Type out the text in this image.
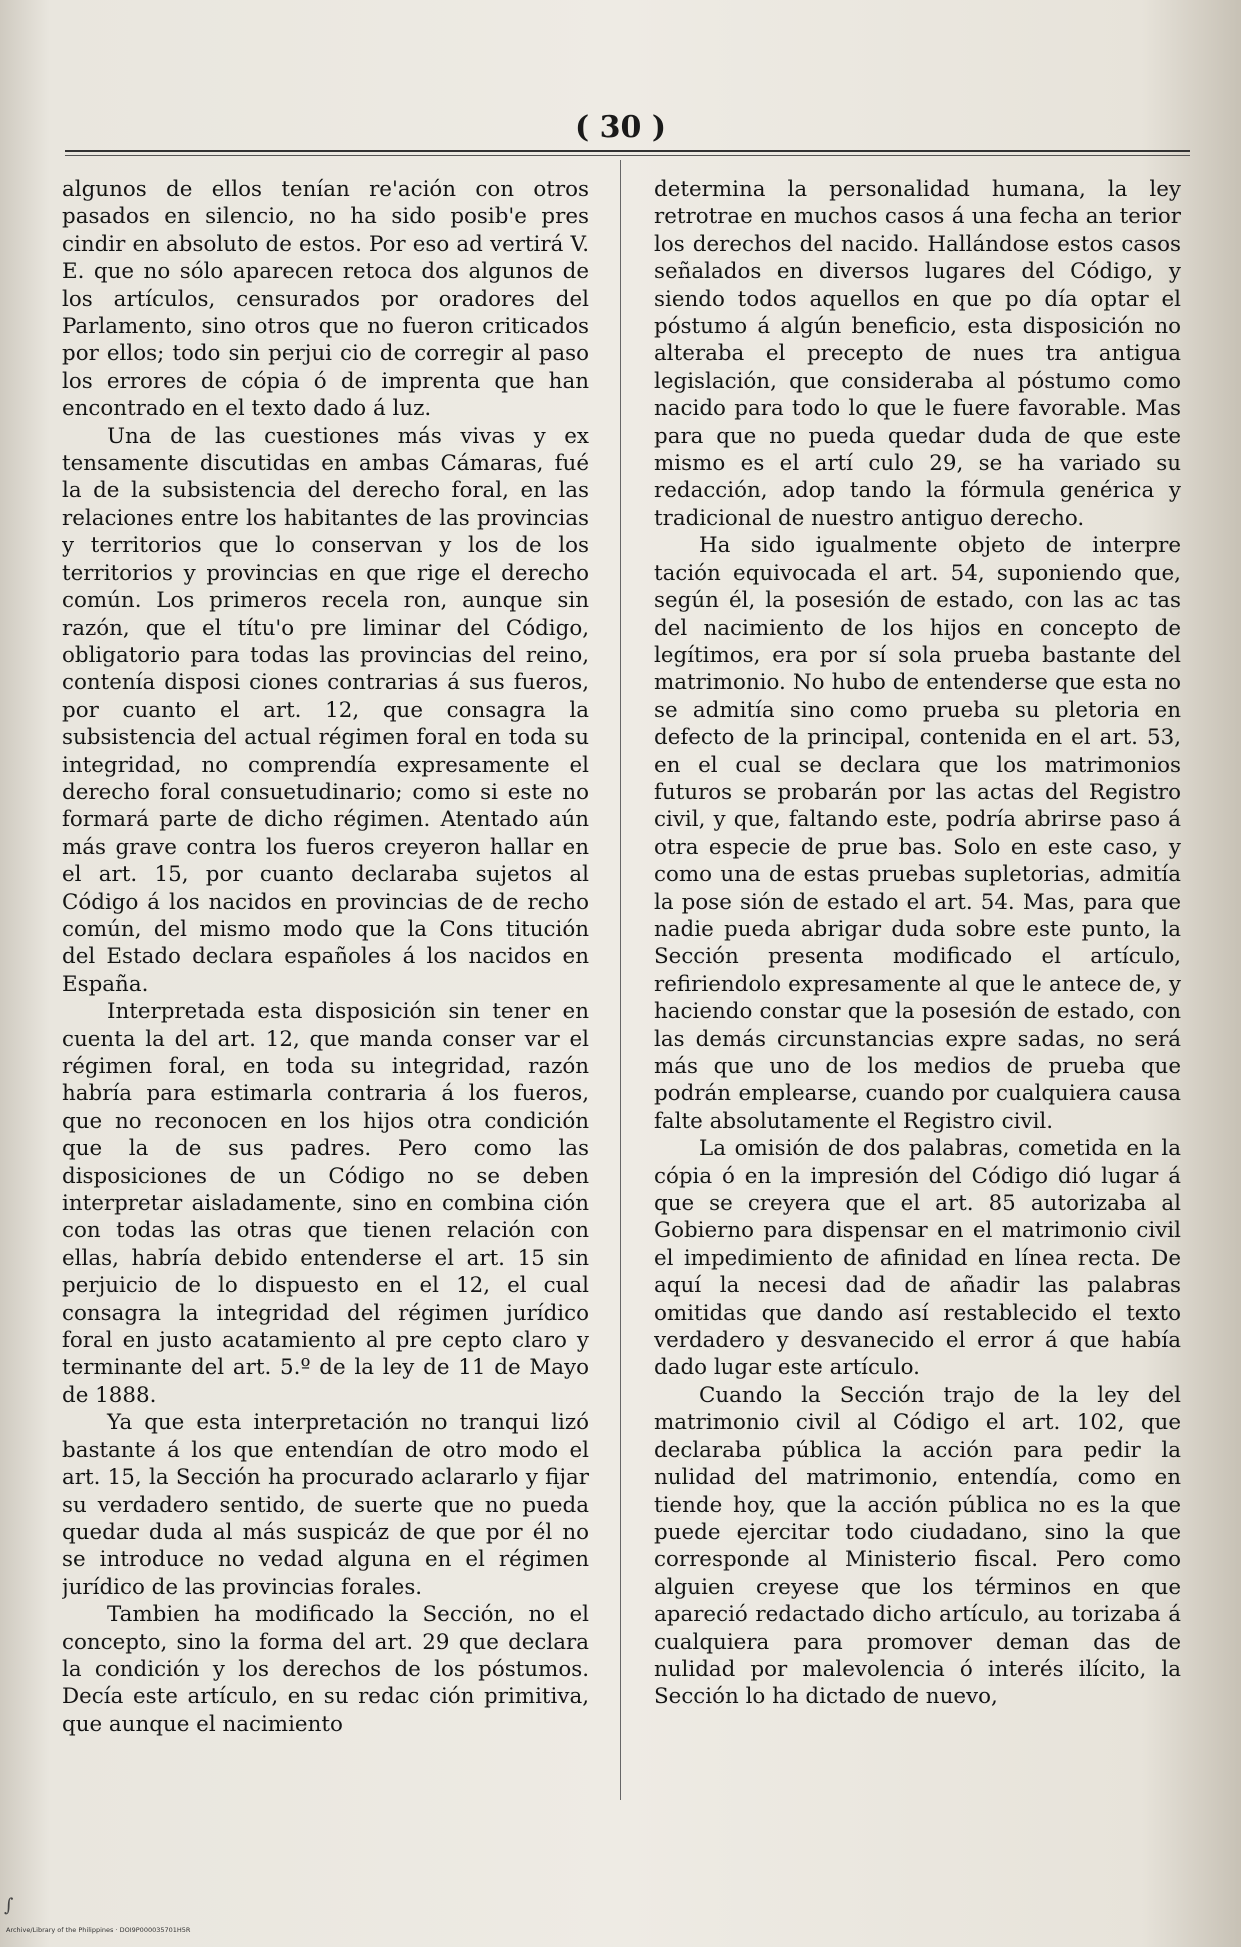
( 30 )

algunos de ellos tenían re'ación con otros pasados en silencio, no ha sido posib'e pres cindir en absoluto de estos. Por eso ad vertirá V. E. que no sólo aparecen retoca dos algunos de los artículos, censurados por oradores del Parlamento, sino otros que no fueron criticados por ellos; todo sin perjui cio de corregir al paso los errores de cópia ó de imprenta que han encontrado en el texto dado á luz.

Una de las cuestiones más vivas y ex tensamente discutidas en ambas Cámaras, fué la de la subsistencia del derecho foral, en las relaciones entre los habitantes de las provincias y territorios que lo conservan y los de los territorios y provincias en que rige el derecho común. Los primeros recela ron, aunque sin razón, que el títu'o pre liminar del Código, obligatorio para todas las provincias del reino, contenía disposi ciones contrarias á sus fueros, por cuanto el art. 12, que consagra la subsistencia del actual régimen foral en toda su integridad, no comprendía expresamente el derecho foral consuetudinario; como si este no formará parte de dicho régimen. Atentado aún más grave contra los fueros creyeron hallar en el art. 15, por cuanto declaraba sujetos al Código á los nacidos en provincias de de recho común, del mismo modo que la Cons titución del Estado declara españoles á los nacidos en España.

Interpretada esta disposición sin tener en cuenta la del art. 12, que manda conser var el régimen foral, en toda su integridad, razón habría para estimarla contraria á los fueros, que no reconocen en los hijos otra condición que la de sus padres. Pero como las disposiciones de un Código no se deben interpretar aisladamente, sino en combina ción con todas las otras que tienen relación con ellas, habría debido entenderse el art. 15 sin perjuicio de lo dispuesto en el 12, el cual consagra la integridad del régimen jurídico foral en justo acatamiento al pre cepto claro y terminante del art. 5.º de la ley de 11 de Mayo de 1888.

Ya que esta interpretación no tranqui lizó bastante á los que entendían de otro modo el art. 15, la Sección ha procurado aclararlo y fijar su verdadero sentido, de suerte que no pueda quedar duda al más suspicáz de que por él no se introduce no vedad alguna en el régimen jurídico de las provincias forales.

Tambien ha modificado la Sección, no el concepto, sino la forma del art. 29 que declara la condición y los derechos de los póstumos. Decía este artículo, en su redac ción primitiva, que aunque el nacimiento

determina la personalidad humana, la ley retrotrae en muchos casos á una fecha an terior los derechos del nacido. Hallándose estos casos señalados en diversos lugares del Código, y siendo todos aquellos en que po día optar el póstumo á algún beneficio, esta disposición no alteraba el precepto de nues tra antigua legislación, que consideraba al póstumo como nacido para todo lo que le fuere favorable. Mas para que no pueda quedar duda de que este mismo es el artí culo 29, se ha variado su redacción, adop tando la fórmula genérica y tradicional de nuestro antiguo derecho.

Ha sido igualmente objeto de interpre tación equivocada el art. 54, suponiendo que, según él, la posesión de estado, con las ac tas del nacimiento de los hijos en concepto de legítimos, era por sí sola prueba bastante del matrimonio. No hubo de entenderse que esta no se admitía sino como prueba su pletoria en defecto de la principal, contenida en el art. 53, en el cual se declara que los matrimonios futuros se probarán por las actas del Registro civil, y que, faltando este, podría abrirse paso á otra especie de prue bas. Solo en este caso, y como una de estas pruebas supletorias, admitía la pose sión de estado el art. 54. Mas, para que nadie pueda abrigar duda sobre este punto, la Sección presenta modificado el artículo, refiriendolo expresamente al que le antece de, y haciendo constar que la posesión de estado, con las demás circunstancias expre sadas, no será más que uno de los medios de prueba que podrán emplearse, cuando por cualquiera causa falte absolutamente el Registro civil.

La omisión de dos palabras, cometida en la cópia ó en la impresión del Código dió lugar á que se creyera que el art. 85 autorizaba al Gobierno para dispensar en el matrimonio civil el impedimiento de afinidad en línea recta. De aquí la necesi dad de añadir las palabras omitidas que dando así restablecido el texto verdadero y desvanecido el error á que había dado lugar este artículo.

Cuando la Sección trajo de la ley del matrimonio civil al Código el art. 102, que declaraba pública la acción para pedir la nulidad del matrimonio, entendía, como en tiende hoy, que la acción pública no es la que puede ejercitar todo ciudadano, sino la que corresponde al Ministerio fiscal. Pero como alguien creyese que los términos en que apareció redactado dicho artículo, au torizaba á cualquiera para promover deman das de nulidad por malevolencia ó interés ilícito, la Sección lo ha dictado de nuevo,

∫
Archive/Library of the Philippines · DOI9P000035701H5R
